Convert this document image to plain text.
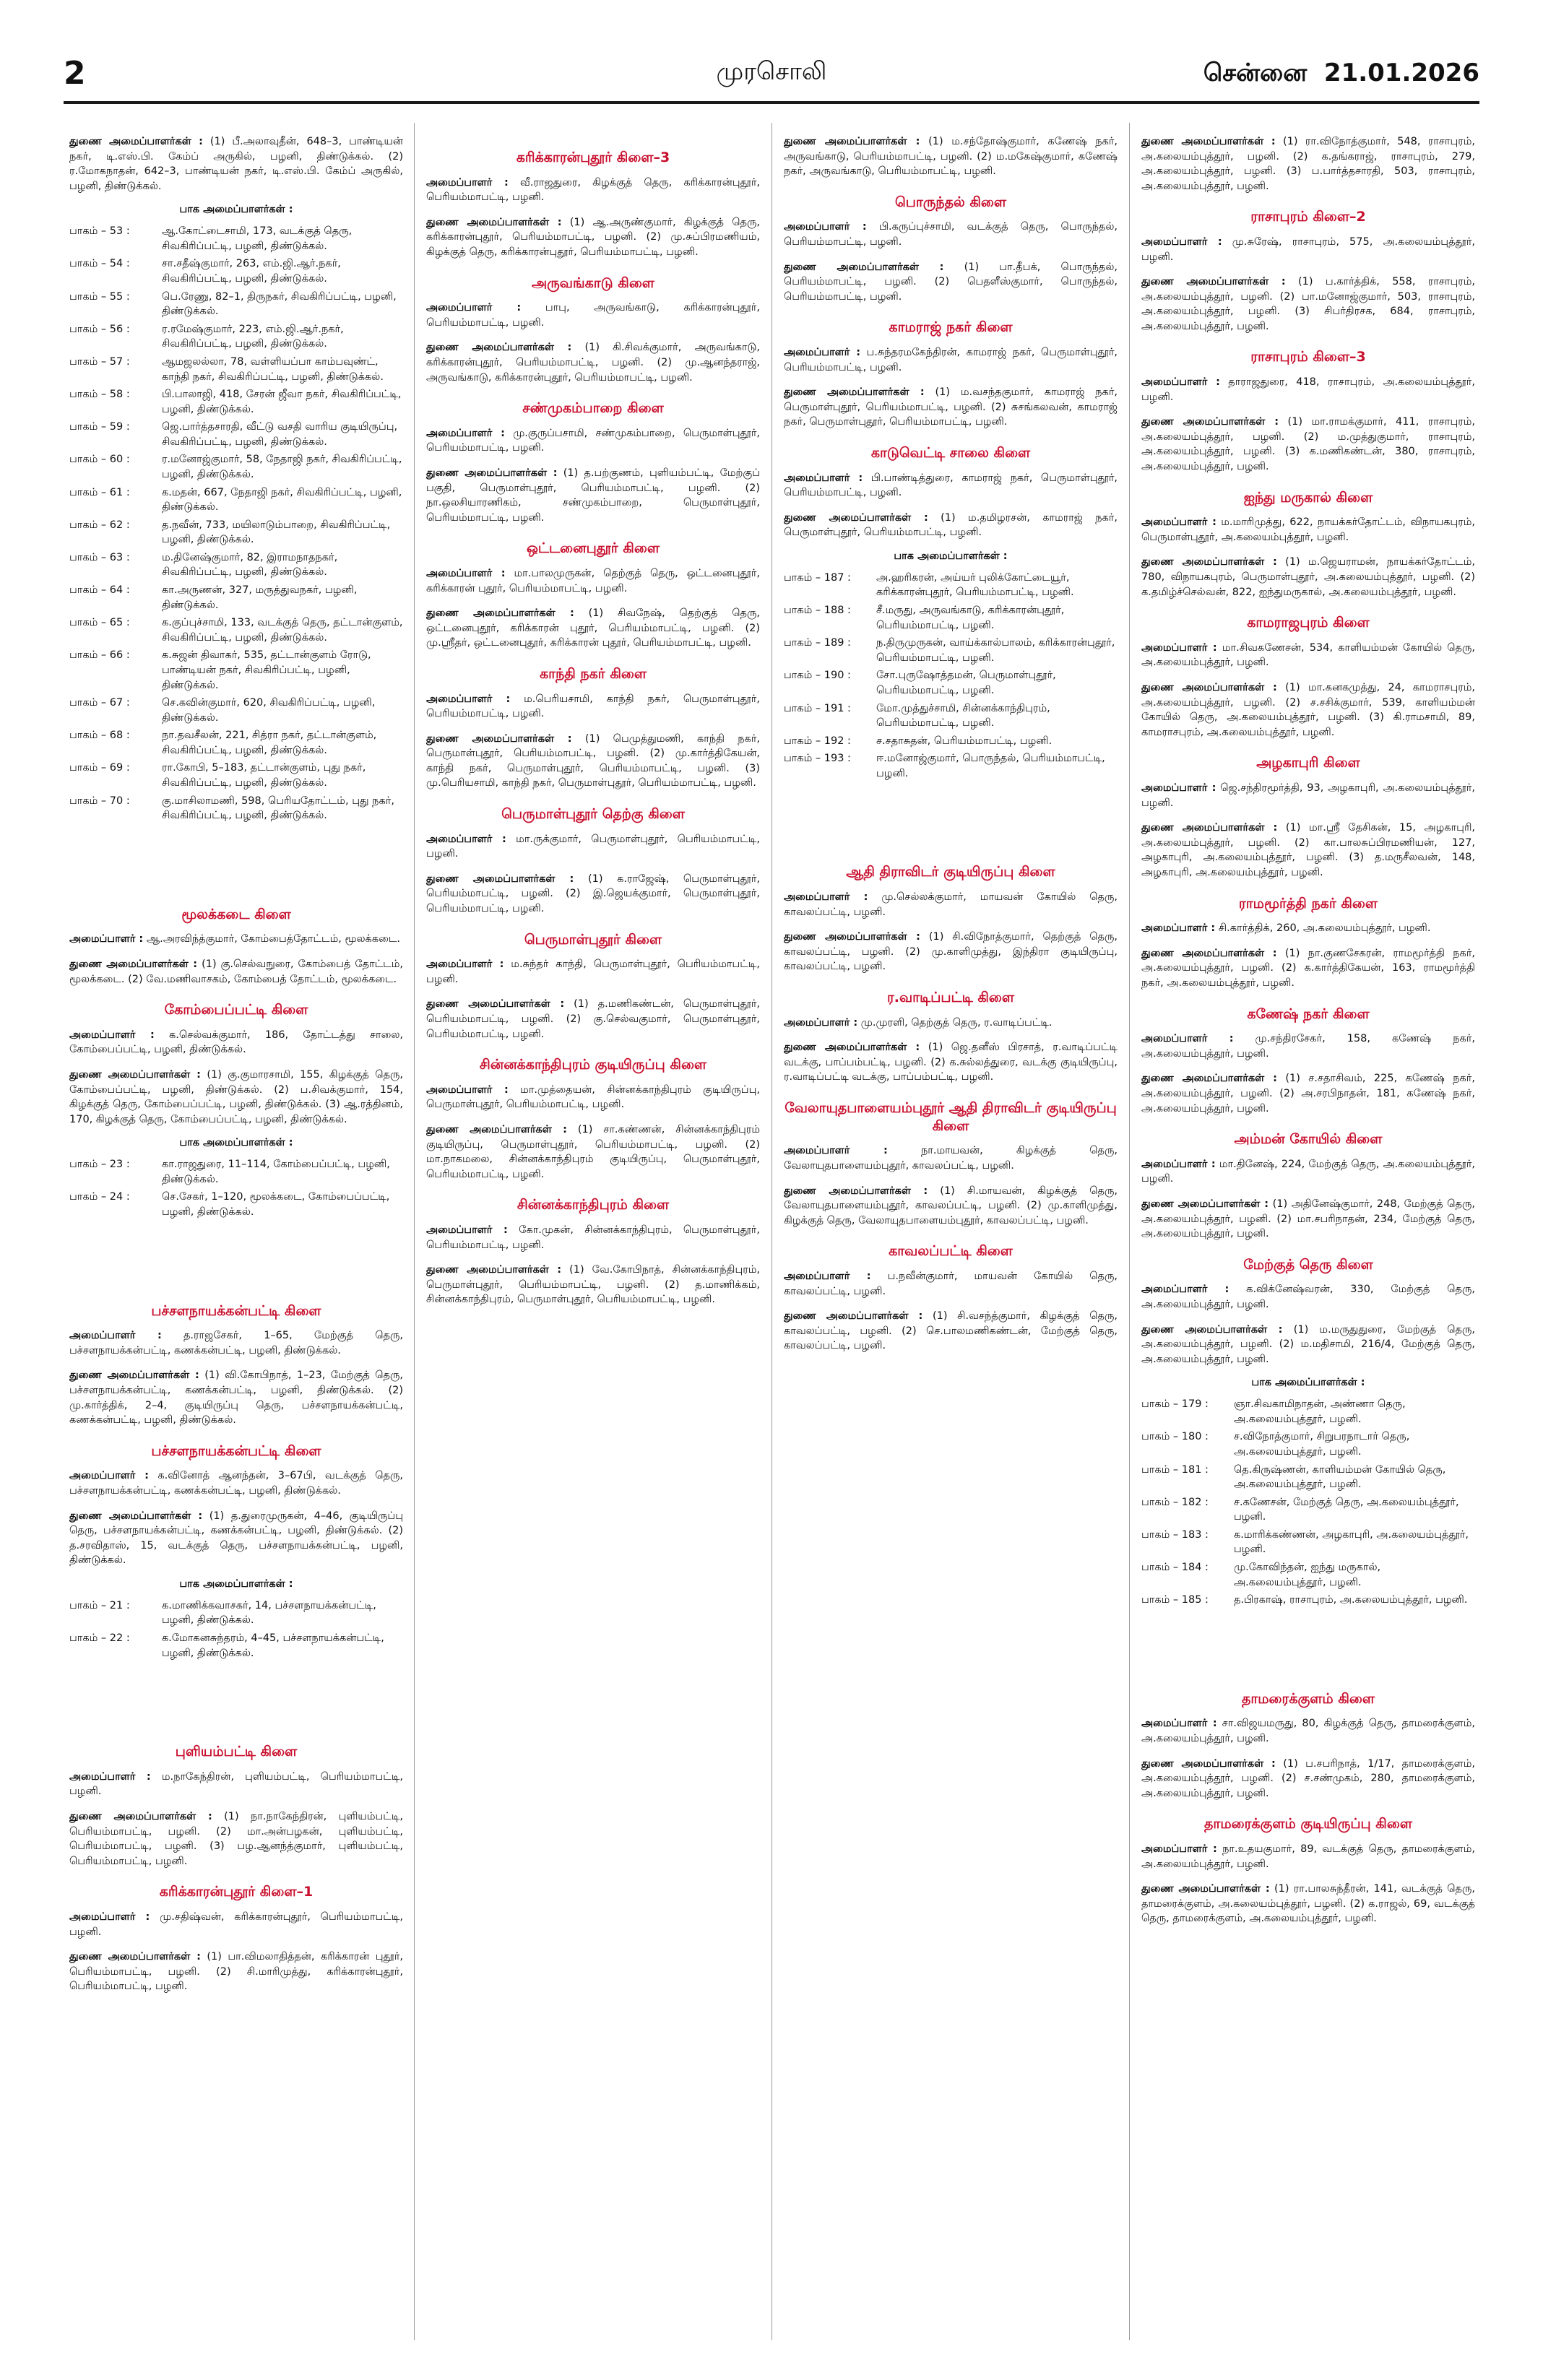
2	முரசொலி	சென்னை 21.01.2026

துணை அமைப்பாளர்கள் : (1) பீ.அலாவுதீன், 648–3, பாண்டியன் நகர், டி.எஸ்.பி. கேம்ப் அருகில், பழனி, திண்டுக்கல். (2) ர.மோகநாதன், 642–3, பாண்டியன் நகர், டி.எஸ்.பி. கேம்ப் அருகில், பழனி, திண்டுக்கல்.

பாக அமைப்பாளர்கள் :
பாகம் – 53 :	ஆ.கோட்டைசாமி, 173, வடக்குத் தெரு, சிவகிரிப்பட்டி, பழனி, திண்டுக்கல்.
பாகம் – 54 :	சா.சதீஷ்குமார், 263, எம்.ஜி.ஆர்.நகர், சிவகிரிப்பட்டி, பழனி, திண்டுக்கல்.
பாகம் – 55 :	பெ.ரேணு, 82–1, திருநகர், சிவகிரிப்பட்டி, பழனி, திண்டுக்கல்.
பாகம் – 56 :	ர.ரமேஷ்குமார், 223, எம்.ஜி.ஆர்.நகர், சிவகிரிப்பட்டி, பழனி, திண்டுக்கல்.
பாகம் – 57 :	ஆமஜலல்லா, 78, வள்ளியப்பா காம்பவுண்ட், காந்தி நகர், சிவகிரிப்பட்டி, பழனி, திண்டுக்கல்.
பாகம் – 58 :	பி.பாலாஜி, 418, சேரன் ஜீவா நகர், சிவகிரிப்பட்டி, பழனி, திண்டுக்கல்.
பாகம் – 59 :	ஜெ.பார்த்தசாரதி, வீட்டு வசதி வாரிய குடியிருப்பு, சிவகிரிப்பட்டி, பழனி, திண்டுக்கல்.
பாகம் – 60 :	ர.மனோஜ்குமார், 58, நேதாஜி நகர், சிவகிரிப்பட்டி, பழனி, திண்டுக்கல்.
பாகம் – 61 :	க.மதன், 667, நேதாஜி நகர், சிவகிரிப்பட்டி, பழனி, திண்டுக்கல்.
பாகம் – 62 :	த.நவீன், 733, மயிலாடும்பாறை, சிவகிரிப்பட்டி, பழனி, திண்டுக்கல்.
பாகம் – 63 :	ம.தினேஷ்குமார், 82, இராமநாதநகர், சிவகிரிப்பட்டி, பழனி, திண்டுக்கல்.
பாகம் – 64 :	கா.அருணன், 327, மருத்துவநகர், பழனி, திண்டுக்கல்.
பாகம் – 65 :	க.குப்புச்சாமி, 133, வடக்குத் தெரு, தட்டான்குளம், சிவகிரிப்பட்டி, பழனி, திண்டுக்கல்.
பாகம் – 66 :	க.சுஜன் திவாகர், 535, தட்டான்குளம் ரோடு, பாண்டியன் நகர், சிவகிரிப்பட்டி, பழனி, திண்டுக்கல்.
பாகம் – 67 :	செ.கவின்குமார், 620, சிவகிரிப்பட்டி, பழனி, திண்டுக்கல்.
பாகம் – 68 :	நா.தவசீலன், 221, சித்ரா நகர், தட்டான்குளம், சிவகிரிப்பட்டி, பழனி, திண்டுக்கல்.
பாகம் – 69 :	ரா.கோபி, 5–183, தட்டான்குளம், புது நகர், சிவகிரிப்பட்டி, பழனி, திண்டுக்கல்.
பாகம் – 70 :	கு.மாசிலாமணி, 598, பெரியதோட்டம், புது நகர், சிவகிரிப்பட்டி, பழனி, திண்டுக்கல்.
மூலக்கடை கிளை

அமைப்பாளர் : ஆ.அரவிந்த்குமார், கோம்பைத்தோட்டம், மூலக்கடை.

துணை அமைப்பாளர்கள் : (1) கு.செல்வநுரை, கோம்பைத் தோட்டம், மூலக்கடை. (2) வே.மணிவாசகம், கோம்பைத் தோட்டம், மூலக்கடை.

கோம்பைப்பட்டி கிளை

அமைப்பாளர் : க.செல்வக்குமார், 186, தோட்டத்து சாலை, கோம்பைப்பட்டி, பழனி, திண்டுக்கல்.

துணை அமைப்பாளர்கள் : (1) கு.குமாரசாமி, 155, கிழக்குத் தெரு, கோம்பைப்பட்டி, பழனி, திண்டுக்கல். (2) ப.சிவக்குமார், 154, கிழக்குத் தெரு, கோம்பைப்பட்டி, பழனி, திண்டுக்கல். (3) ஆ.ரத்தினம், 170, கிழக்குத் தெரு, கோம்பைப்பட்டி, பழனி, திண்டுக்கல்.

பாக அமைப்பாளர்கள் :
பாகம் – 23 :	கா.ராஜதுரை, 11–114, கோம்பைப்பட்டி, பழனி, திண்டுக்கல்.
பாகம் – 24 :	செ.சேகர், 1–120, மூலக்கடை, கோம்பைப்பட்டி, பழனி, திண்டுக்கல்.
பச்சளநாயக்கன்பட்டி கிளை

அமைப்பாளர் : த.ராஜசேகர், 1–65, மேற்குத் தெரு, பச்சளநாயக்கன்பட்டி, கணக்கன்பட்டி, பழனி, திண்டுக்கல்.

துணை அமைப்பாளர்கள் : (1) வி.கோபிநாத், 1–23, மேற்குத் தெரு, பச்சளநாயக்கன்பட்டி, கணக்கன்பட்டி, பழனி, திண்டுக்கல். (2) மு.கார்த்திக், 2–4, குடியிருப்பு தெரு, பச்சளநாயக்கன்பட்டி, கணக்கன்பட்டி, பழனி, திண்டுக்கல்.

பச்சளநாயக்கன்பட்டி கிளை

அமைப்பாளர் : க.வினோத் ஆனந்தன், 3–67பி, வடக்குத் தெரு, பச்சளநாயக்கன்பட்டி, கணக்கன்பட்டி, பழனி, திண்டுக்கல்.

துணை அமைப்பாளர்கள் : (1) த.துரைமுருகன், 4–46, குடியிருப்பு தெரு, பச்சளநாயக்கன்பட்டி, கணக்கன்பட்டி, பழனி, திண்டுக்கல். (2) த.சரவிதாஸ், 15, வடக்குத் தெரு, பச்சளநாயக்கன்பட்டி, பழனி, திண்டுக்கல்.

பாக அமைப்பாளர்கள் :
பாகம் – 21 :	க.மாணிக்கவாசகர், 14, பச்சளநாயக்கன்பட்டி, பழனி, திண்டுக்கல்.
பாகம் – 22 :	க.மோகனசுந்தரம், 4–45, பச்சளநாயக்கன்பட்டி, பழனி, திண்டுக்கல்.
புளியம்பட்டி கிளை

அமைப்பாளர் : ம.நாகேந்திரன், புளியம்பட்டி, பெரியம்மாபட்டி, பழனி.

துணை அமைப்பாளர்கள் : (1) நா.நாகேந்திரன், புளியம்பட்டி, பெரியம்மாபட்டி, பழனி. (2) மா.அன்பழகன், புளியம்பட்டி, பெரியம்மாபட்டி, பழனி. (3) பழ.ஆனந்த்குமார், புளியம்பட்டி, பெரியம்மாபட்டி, பழனி.

கரிக்காரன்புதூர் கிளை–1

அமைப்பாளர் : மு.சதிஷ்வன், கரிக்காரன்புதூர், பெரியம்மாபட்டி, பழனி.

துணை அமைப்பாளர்கள் : (1) பா.விமலாதித்தன், கரிக்காரன் புதூர், பெரியம்மாபட்டி, பழனி. (2) சி.மாரிமுத்து, கரிக்காரன்புதூர், பெரியம்மாபட்டி, பழனி.

கரிக்காரன்புதூர் கிளை–3

அமைப்பாளர் : வீ.ராஜதுரை, கிழக்குத் தெரு, கரிக்காரன்புதூர், பெரியம்மாபட்டி, பழனி.

துணை அமைப்பாளர்கள் : (1) ஆ.அருண்குமார், கிழக்குத் தெரு, கரிக்காரன்புதூர், பெரியம்மாபட்டி, பழனி. (2) மு.சுப்பிரமணியம், கிழக்குத் தெரு, கரிக்காரன்புதூர், பெரியம்மாபட்டி, பழனி.

அருவங்காடு கிளை

அமைப்பாளர் : பாபு, அருவங்காடு, கரிக்காரன்புதூர், பெரியம்மாபட்டி, பழனி.

துணை அமைப்பாளர்கள் : (1) கி.சிவக்குமார், அருவங்காடு, கரிக்காரன்புதூர், பெரியம்மாபட்டி, பழனி. (2) மு.ஆனந்தராஜ், அருவங்காடு, கரிக்காரன்புதூர், பெரியம்மாபட்டி, பழனி.

சண்முகம்பாறை கிளை

அமைப்பாளர் : மு.குருப்பசாமி, சண்முகம்பாறை, பெருமாள்புதூர், பெரியம்மாபட்டி, பழனி.

துணை அமைப்பாளர்கள் : (1) த.பற்குணம், புளியம்பட்டி, மேற்குப் பகுதி, பெருமாள்புதூர், பெரியம்மாபட்டி, பழனி. (2) நா.ஒலசியாரணிகம், சண்முகம்பாறை, பெருமாள்புதூர், பெரியம்மாபட்டி, பழனி.

ஒட்டனைபுதூர் கிளை

அமைப்பாளர் : மா.பாலமுருகன், தெற்குத் தெரு, ஒட்டனைபுதூர், கரிக்காரன் புதூர், பெரியம்மாபட்டி, பழனி.

துணை அமைப்பாளர்கள் : (1) சிவநேஷ், தெற்குத் தெரு, ஒட்டனைபுதூர், கரிக்காரன் புதூர், பெரியம்மாபட்டி, பழனி. (2) மு.ஸ்ரீதர், ஒட்டனைபுதூர், கரிக்காரன் புதூர், பெரியம்மாபட்டி, பழனி.

காந்தி நகர் கிளை

அமைப்பாளர் : ம.பெரியசாமி, காந்தி நகர், பெருமாள்புதூர், பெரியம்மாபட்டி, பழனி.

துணை அமைப்பாளர்கள் : (1) பெமுத்துமணி, காந்தி நகர், பெருமாள்புதூர், பெரியம்மாபட்டி, பழனி. (2) மு.கார்த்திகேயன், காந்தி நகர், பெருமாள்புதூர், பெரியம்மாபட்டி, பழனி. (3) மு.பெரியசாமி, காந்தி நகர், பெருமாள்புதூர், பெரியம்மாபட்டி, பழனி.

பெருமாள்புதூர் தெற்கு கிளை

அமைப்பாளர் : மா.ருக்குமார், பெருமாள்புதூர், பெரியம்மாபட்டி, பழனி.

துணை அமைப்பாளர்கள் : (1) க.ராஜேஷ், பெருமாள்புதூர், பெரியம்மாபட்டி, பழனி. (2) இ.ஜெயக்குமார், பெருமாள்புதூர், பெரியம்மாபட்டி, பழனி.

பெருமாள்புதூர் கிளை

அமைப்பாளர் : ம.சுந்தர் காந்தி, பெருமாள்புதூர், பெரியம்மாபட்டி, பழனி.

துணை அமைப்பாளர்கள் : (1) த.மணிகண்டன், பெருமாள்புதூர், பெரியம்மாபட்டி, பழனி. (2) கு.செல்வகுமார், பெருமாள்புதூர், பெரியம்மாபட்டி, பழனி.

சின்னக்காந்திபுரம் குடியிருப்பு கிளை

அமைப்பாளர் : மா.முத்தையன், சின்னக்காந்திபுரம் குடியிருப்பு, பெருமாள்புதூர், பெரியம்மாபட்டி, பழனி.

துணை அமைப்பாளர்கள் : (1) சா.கண்ணன், சின்னக்காந்திபுரம் குடியிருப்பு, பெருமாள்புதூர், பெரியம்மாபட்டி, பழனி. (2) மா.நாகமலை, சின்னக்காந்திபுரம் குடியிருப்பு, பெருமாள்புதூர், பெரியம்மாபட்டி, பழனி.

சின்னக்காந்திபுரம் கிளை

அமைப்பாளர் : கோ.முகன், சின்னக்காந்திபுரம், பெருமாள்புதூர், பெரியம்மாபட்டி, பழனி.

துணை அமைப்பாளர்கள் : (1) வே.கோபிநாத், சின்னக்காந்திபுரம், பெருமாள்புதூர், பெரியம்மாபட்டி, பழனி. (2) த.மாணிக்கம், சின்னக்காந்திபுரம், பெருமாள்புதூர், பெரியம்மாபட்டி, பழனி.

துணை அமைப்பாளர்கள் : (1) ம.சந்தோஷ்குமார், கணேஷ் நகர், அருவங்காடு, பெரியம்மாபட்டி, பழனி. (2) ம.மகேஷ்குமார், கணேஷ் நகர், அருவங்காடு, பெரியம்மாபட்டி, பழனி.

பொருந்தல் கிளை

அமைப்பாளர் : பி.கருப்புச்சாமி, வடக்குத் தெரு, பொருந்தல், பெரியம்மாபட்டி, பழனி.

துணை அமைப்பாளர்கள் : (1) பா.தீபக், பொருந்தல், பெரியம்மாபட்டி, பழனி. (2) பெதளீஸ்குமார், பொருந்தல், பெரியம்மாபட்டி, பழனி.

காமராஜ் நகர் கிளை

அமைப்பாளர் : ப.சுந்தரமகேந்திரன், காமராஜ் நகர், பெருமாள்புதூர், பெரியம்மாபட்டி, பழனி.

துணை அமைப்பாளர்கள் : (1) ம.வசந்தகுமார், காமராஜ் நகர், பெருமாள்புதூர், பெரியம்மாபட்டி, பழனி. (2) சுசங்கலவன், காமராஜ் நகர், பெருமாள்புதூர், பெரியம்மாபட்டி, பழனி.

காடுவெட்டி சாலை கிளை

அமைப்பாளர் : பி.பாண்டித்துரை, காமராஜ் நகர், பெருமாள்புதூர், பெரியம்மாபட்டி, பழனி.

துணை அமைப்பாளர்கள் : (1) ம.தமிழரசன், காமராஜ் நகர், பெருமாள்புதூர், பெரியம்மாபட்டி, பழனி.

பாக அமைப்பாளர்கள் :
பாகம் – 187 :	அ.ஹரிகரன், அய்யர் புலிக்கோட்டையூர், கரிக்காரன்புதூர், பெரியம்மாபட்டி, பழனி.
பாகம் – 188 :	சீ.மருது, அருவங்காடு, கரிக்காரன்புதூர், பெரியம்மாபட்டி, பழனி.
பாகம் – 189 :	ந.திருமுருகன், வாய்க்கால்பாலம், கரிக்காரன்புதூர், பெரியம்மாபட்டி, பழனி.
பாகம் – 190 :	சோ.புருஷோத்தமன், பெருமாள்புதூர், பெரியம்மாபட்டி, பழனி.
பாகம் – 191 :	மோ.முத்துச்சாமி, சின்னக்காந்திபுரம், பெரியம்மாபட்டி, பழனி.
பாகம் – 192 :	ச.சதாசுதன், பெரியம்மாபட்டி, பழனி.
பாகம் – 193 :	ஈ.மனோஜ்குமார், பொருந்தல், பெரியம்மாபட்டி, பழனி.
ஆதி திராவிடர் குடியிருப்பு கிளை

அமைப்பாளர் : மு.செல்லக்குமார், மாயவன் கோயில் தெரு, காவலப்பட்டி, பழனி.

துணை அமைப்பாளர்கள் : (1) சி.விநோத்குமார், தெற்குத் தெரு, காவலப்பட்டி, பழனி. (2) மு.காளிமுத்து, இந்திரா குடியிருப்பு, காவலப்பட்டி, பழனி.

ர.வாடிப்பட்டி கிளை

அமைப்பாளர் : மு.முரளி, தெற்குத் தெரு, ர.வாடிப்பட்டி.

துணை அமைப்பாளர்கள் : (1) ஜெ.தனீஸ் பிரசாத், ர.வாடிப்பட்டி வடக்கு, பாப்பம்பட்டி, பழனி. (2) க.சுல்லத்துரை, வடக்கு குடியிருப்பு, ர.வாடிப்பட்டி வடக்கு, பாப்பம்பட்டி, பழனி.

வேலாயுதபாளையம்புதூர் ஆதி திராவிடர் குடியிருப்பு கிளை

அமைப்பாளர் :	நா.மாயவன், கிழக்குத் தெரு, வேலாயுதபாளையம்புதூர், காவலப்பட்டி, பழனி.

துணை அமைப்பாளர்கள் : (1) சி.மாயவன், கிழக்குத் தெரு, வேலாயுதபாளையம்புதூர், காவலப்பட்டி, பழனி. (2) மு.காளிமுத்து, கிழக்குத் தெரு, வேலாயுதபாளையம்புதூர், காவலப்பட்டி, பழனி.

காவலப்பட்டி கிளை

அமைப்பாளர் : ப.நவீன்குமார், மாயவன் கோயில் தெரு, காவலப்பட்டி, பழனி.

துணை அமைப்பாளர்கள் : (1) சி.வசந்த்குமார், கிழக்குத் தெரு, காவலப்பட்டி, பழனி. (2) செ.பாலமணிகண்டன், மேற்குத் தெரு, காவலப்பட்டி, பழனி.

துணை அமைப்பாளர்கள் : (1) ரா.விநோத்குமார், 548, ராசாபுரம், அ.கலையம்புத்தூர், பழனி. (2) க.தங்கராஜ், ராசாபுரம், 279, அ.கலையம்புத்தூர், பழனி. (3) ப.பார்த்தசாரதி, 503, ராசாபுரம், அ.கலையம்புத்தூர், பழனி.

ராசாபுரம் கிளை–2

அமைப்பாளர் : மு.சுரேஷ், ராசாபுரம், 575, அ.கலையம்புத்தூர், பழனி.

துணை அமைப்பாளர்கள் : (1) ப.கார்த்திக், 558, ராசாபுரம், அ.கலையம்புத்தூர், பழனி. (2) பா.மனோஜ்குமார், 503, ராசாபுரம், அ.கலையம்புத்தூர், பழனி. (3) சிபர்திரசக, 684, ராசாபுரம், அ.கலையம்புத்தூர், பழனி.

ராசாபுரம் கிளை–3

அமைப்பாளர் : தாராஜதுரை, 418, ராசாபுரம், அ.கலையம்புத்தூர், பழனி.

துணை அமைப்பாளர்கள் : (1) மா.ராமக்குமார், 411, ராசாபுரம், அ.கலையம்புத்தூர், பழனி. (2) ம.முத்துகுமார், ராசாபுரம், அ.கலையம்புத்தூர், பழனி. (3) க.மணிகண்டன், 380, ராசாபுரம், அ.கலையம்புத்தூர், பழனி.

ஐந்து மருகால் கிளை

அமைப்பாளர் : ம.மாரிமுத்து, 622, நாயக்கர்தோட்டம், விநாயகபுரம், பெருமாள்புதூர், அ.கலையம்புத்தூர், பழனி.

துணை அமைப்பாளர்கள் : (1) ம.ஜெயராமன், நாயக்கர்தோட்டம், 780, விநாயகபுரம், பெருமாள்புதூர், அ.கலையம்புத்தூர், பழனி. (2) க.தமிழ்ச்செல்வன், 822, ஐந்துமருகால், அ.கலையம்புத்தூர், பழனி.

காமராஜபுரம் கிளை

அமைப்பாளர் : மா.சிவகணேசன், 534, காளியம்மன் கோயில் தெரு, அ.கலையம்புத்தூர், பழனி.

துணை அமைப்பாளர்கள் : (1) மா.கனகமுத்து, 24, காமராசபுரம், அ.கலையம்புத்தூர், பழனி. (2) ச.சசிக்குமார், 539, காளியம்மன் கோயில் தெரு, அ.கலையம்புத்தூர், பழனி. (3) கி.ராமசாமி, 89, காமராசபுரம், அ.கலையம்புத்தூர், பழனி.

அழகாபுரி கிளை

அமைப்பாளர் : ஜெ.சந்திரமூர்த்தி, 93, அழகாபுரி, அ.கலையம்புத்தூர், பழனி.

துணை அமைப்பாளர்கள் : (1) மா.ஸ்ரீ தேசிகன், 15, அழகாபுரி, அ.கலையம்புத்தூர், பழனி. (2) கா.பாலசுப்பிரமணியன், 127, அழகாபுரி, அ.கலையம்புத்தூர், பழனி. (3) த.மருசீலவன், 148, அழகாபுரி, அ.கலையம்புத்தூர், பழனி.

ராமமூர்த்தி நகர் கிளை

அமைப்பாளர் : சி.கார்த்திக், 260, அ.கலையம்புத்தூர், பழனி.

துணை அமைப்பாளர்கள் : (1) நா.குணசேகரன், ராமமூர்த்தி நகர், அ.கலையம்புத்தூர், பழனி. (2) க.கார்த்திகேயன், 163, ராமமூர்த்தி நகர், அ.கலையம்புத்தூர், பழனி.

கணேஷ் நகர் கிளை

அமைப்பாளர் : மு.சந்திரசேகர், 158, கணேஷ் நகர், அ.கலையம்புத்தூர், பழனி.

துணை அமைப்பாளர்கள் : (1) ச.சதாசிவம், 225, கணேஷ் நகர், அ.கலையம்புத்தூர், பழனி. (2) அ.சரபிநாதன், 181, கணேஷ் நகர், அ.கலையம்புத்தூர், பழனி.

அம்மன் கோயில் கிளை

அமைப்பாளர் : மா.தினேஷ், 224, மேற்குத் தெரு, அ.கலையம்புத்தூர், பழனி.

துணை அமைப்பாளர்கள் : (1) அதினேஷ்குமார், 248, மேற்குத் தெரு, அ.கலையம்புத்தூர், பழனி. (2) மா.சபரிநாதன், 234, மேற்குத் தெரு, அ.கலையம்புத்தூர், பழனி.

மேற்குத் தெரு கிளை

அமைப்பாளர் : க.விக்னேஷ்வரன், 330, மேற்குத் தெரு, அ.கலையம்புத்தூர், பழனி.

துணை அமைப்பாளர்கள் : (1) ம.மருதுதுரை, மேற்குத் தெரு, அ.கலையம்புத்தூர், பழனி. (2) ம.மதிசாமி, 216/4, மேற்குத் தெரு, அ.கலையம்புத்தூர், பழனி.

பாக அமைப்பாளர்கள் :
பாகம் – 179 :	ஞா.சிவகாமிநாதன், அண்ணா தெரு, அ.கலையம்புத்தூர், பழனி.
பாகம் – 180 :	ச.விநோத்குமார், சிறுபரநாடார் தெரு, அ.கலையம்புத்தூர், பழனி.
பாகம் – 181 :	தெ.கிருஷ்ணன், காளியம்மன் கோயில் தெரு, அ.கலையம்புத்தூர், பழனி.
பாகம் – 182 :	ச.கணேசன், மேற்குத் தெரு, அ.கலையம்புத்தூர், பழனி.
பாகம் – 183 :	க.மாரிக்கண்ணன், அழகாபுரி, அ.கலையம்புத்தூர், பழனி.
பாகம் – 184 :	மு.கோவிந்தன், ஐந்து மருகால், அ.கலையம்புத்தூர், பழனி.
பாகம் – 185 :	த.பிரகாஷ், ராசாபுரம், அ.கலையம்புத்தூர், பழனி.
தாமரைக்குளம் கிளை

அமைப்பாளர் : சா.விஜயமருது, 80, கிழக்குத் தெரு, தாமரைக்குளம், அ.கலையம்புத்தூர், பழனி.

துணை அமைப்பாளர்கள் : (1) ப.சபரிநாத், 1/17, தாமரைக்குளம், அ.கலையம்புத்தூர், பழனி. (2) ச.சண்முகம், 280, தாமரைக்குளம், அ.கலையம்புத்தூர், பழனி.

தாமரைக்குளம் குடியிருப்பு கிளை

அமைப்பாளர் : நா.உதயகுமார், 89, வடக்குத் தெரு, தாமரைக்குளம், அ.கலையம்புத்தூர், பழனி.

துணை அமைப்பாளர்கள் : (1) ரா.பாலசுந்தீரன், 141, வடக்குத் தெரு, தாமரைக்குளம், அ.கலையம்புத்தூர், பழனி. (2) க.ராஜல், 69, வடக்குத் தெரு, தாமரைக்குளம், அ.கலையம்புத்தூர், பழனி.
